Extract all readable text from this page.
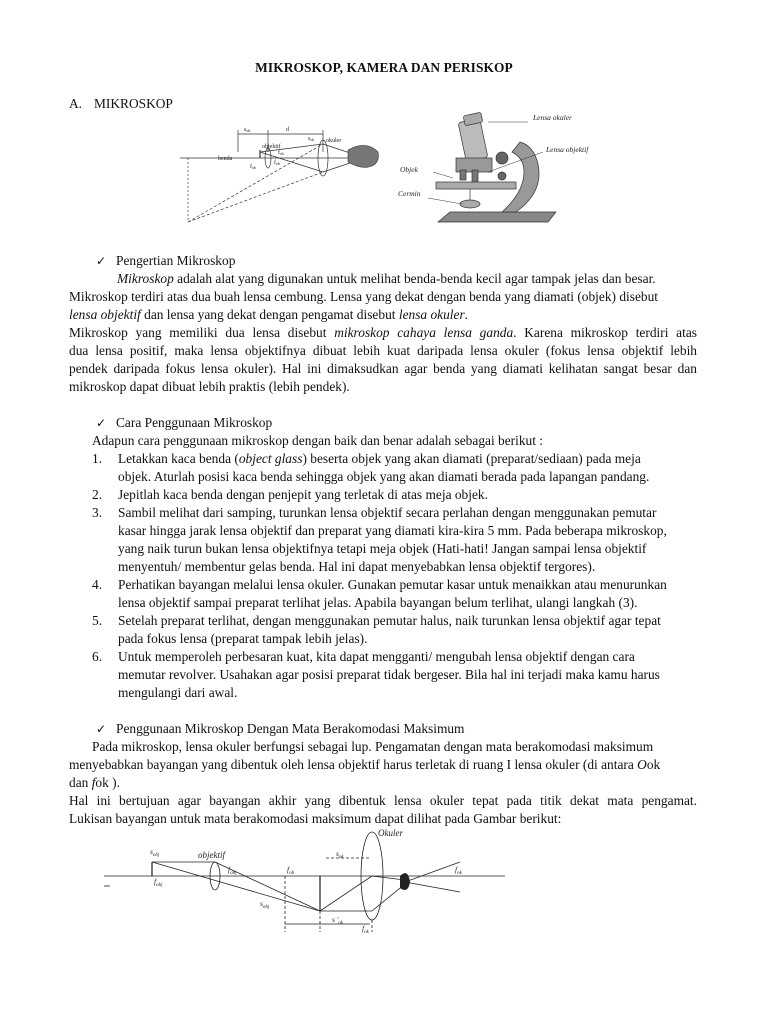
MIKROSKOP, KAMERA DAN PERISKOP
A. MIKROSKOP
sob	d
sok okuler
objektif
benda
fob
fok
fob
Lensa okuler
Lensa objektif
Objek
Cermin
✓ Pengertian Mikroskop
Mikroskop adalah alat yang digunakan untuk melihat benda-benda kecil agar tampak jelas dan besar.
Mikroskop terdiri atas dua buah lensa cembung. Lensa yang dekat dengan benda yang diamati (objek) disebut
lensa objektif dan lensa yang dekat dengan pengamat disebut lensa okuler.
Mikroskop yang memiliki dua lensa disebut mikroskop cahaya lensa ganda. Karena mikroskop terdiri atas
dua lensa positif, maka lensa objektifnya dibuat lebih kuat daripada lensa okuler (fokus lensa objektif lebih
pendek daripada fokus lensa okuler). Hal ini dimaksudkan agar benda yang diamati kelihatan sangat besar dan
mikroskop dapat dibuat lebih praktis (lebih pendek).
✓ Cara Penggunaan Mikroskop
Adapun cara penggunaan mikroskop dengan baik dan benar adalah sebagai berikut :
1. Letakkan kaca benda (object glass) beserta objek yang akan diamati (preparat/sediaan) pada meja
objek. Aturlah posisi kaca benda sehingga objek yang akan diamati berada pada lapangan pandang.
2. Jepitlah kaca benda dengan penjepit yang terletak di atas meja objek.
3. Sambil melihat dari samping, turunkan lensa objektif secara perlahan dengan menggunakan pemutar
kasar hingga jarak lensa objektif dan preparat yang diamati kira-kira 5 mm. Pada beberapa mikroskop,
yang naik turun bukan lensa objektifnya tetapi meja objek (Hati-hati! Jangan sampai lensa objektif
menyentuh/ membentur gelas benda. Hal ini dapat menyebabkan lensa objektif tergores).
4. Perhatikan bayangan melalui lensa okuler. Gunakan pemutar kasar untuk menaikkan atau menurunkan
lensa objektif sampai preparat terlihat jelas. Apabila bayangan belum terlihat, ulangi langkah (3).
5. Setelah preparat terlihat, dengan menggunakan pemutar halus, naik turunkan lensa objektif agar tepat
pada fokus lensa (preparat tampak lebih jelas).
6. Untuk memperoleh perbesaran kuat, kita dapat mengganti/ mengubah lensa objektif dengan cara
memutar revolver. Usahakan agar posisi preparat tidak bergeser. Bila hal ini terjadi maka kamu harus
mengulangi dari awal.
✓ Penggunaan Mikroskop Dengan Mata Berakomodasi Maksimum
Pada mikroskop, lensa okuler berfungsi sebagai lup. Pengamatan dengan mata berakomodasi maksimum
menyebabkan bayangan yang dibentuk oleh lensa objektif harus terletak di ruang I lensa okuler (di antara Ook
dan fok ).
Hal ini bertujuan agar bayangan akhir yang dibentuk lensa okuler tepat pada titik dekat mata pengamat.
Lukisan bayangan untuk mata berakomodasi maksimum dapat dilihat pada Gambar berikut:
$s_{obj}$	objektif
Okuler
$f_{obj}$	$f_{ob}$
$s_{ok}$
$f_{ok}$
$s_{obj}$
$f_{obj}$
s '$_{ok}$
$f_{ok}$
